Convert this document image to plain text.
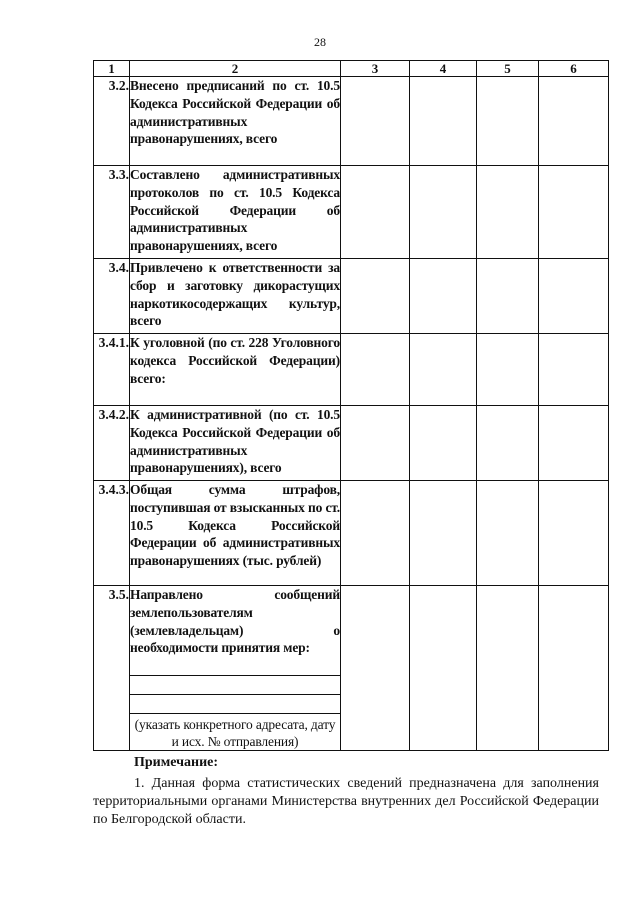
28
1	2	3	4	5	6
3.2.	Внесено предписаний по ст. 10.5 Кодекса Российской Федерации об административных правонарушениях, всего				
3.3.	Составлено административных протоколов по ст. 10.5 Кодекса Российской Федерации об административных правонарушениях, всего				
3.4.	Привлечено к ответственности за сбор и заготовку дикорастущих наркотикосодержащих культур, всего				
3.4.1.	К уголовной (по ст. 228 Уголовного кодекса Российской Федерации) всего:				
3.4.2.	К административной (по ст. 10.5 Кодекса Российской Федерации об административных правонарушениях), всего				
3.4.3.	Общая сумма штрафов, поступившая от взысканных по ст. 10.5 Кодекса Российской Федерации об административных правонарушениях (тыс. рублей)				
3.5.	Направлено сообщений землепользователям (землевладельцам) о необходимости принятия мер:
(указать конкретного адресата, дату и исх. № отправления)				

Примечание:

1. Данная форма статистических сведений предназначена для заполнения территориальными органами Министерства внутренних дел Российской Федерации по Белгородской области.
